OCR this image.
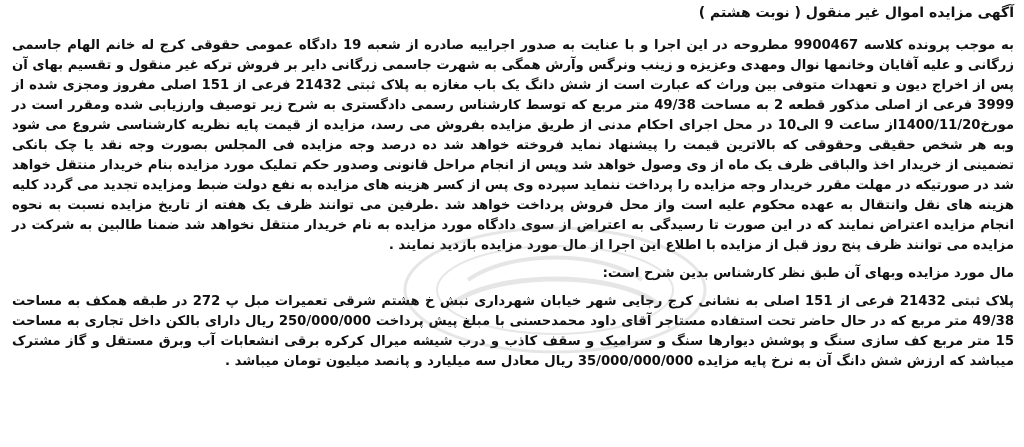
آگهی مزایده اموال غیر منقول ( نوبت هشتم )

به موجب پرونده کلاسه 9900467 مطروحه در این اجرا و با عنایت به صدور اجراییه صادره از شعبه 19 دادگاه عمومی حقوقی کرج له خانم الهام جاسمی زرگانی و علیه آقایان وخانمها نوال ومهدی وعزیزه و زینب ونرگس وآرش همگی به شهرت جاسمی زرگانی دایر بر فروش ترکه غیر منقول و تقسیم بهای آن پس از اخراج دیون و تعهدات متوفی بین وراث که عبارت است از شش دانگ یک باب مغازه به پلاک ثبتی 21432 فرعی از 151 اصلی مفروز ومجزی شده از 3999 فرعی از اصلی مذکور قطعه 2 به مساحت 49/38 متر مربع که توسط کارشناس رسمی دادگستری به شرح زیر توصیف وارزیابی شده ومقرر است در مورخ1400/11/20از ساعت 9 الی10 در محل اجرای احکام مدنی از طریق مزایده بفروش می رسد، مزایده از قیمت پایه نظریه کارشناسی شروع می شود وبه هر شخص حقیقی وحقوقی که بالاترین قیمت را پیشنهاد نماید فروخته خواهد شد ده درصد وجه مزایده فی المجلس بصورت وجه نقد یا چک بانکی تضمینی از خریدار اخذ والباقی ظرف یک ماه از وی وصول خواهد شد وپس از انجام مراحل قانونی وصدور حکم تملیک مورد مزایده بنام خریدار منتقل خواهد شد در صورتیکه در مهلت مقرر خریدار وجه مزایده را پرداخت ننماید سپرده وی پس از کسر هزینه های مزایده به نفع دولت ضبط ومزایده تجدید می گردد کلیه هزینه های نقل وانتقال به عهده محکوم علیه است واز محل فروش پرداخت خواهد شد .طرفین می توانند ظرف یک هفته از تاریخ مزایده نسبت به نحوه انجام مزایده اعتراض نمایند که در این صورت تا رسیدگی به اعتراض از سوی دادگاه مورد مزایده به نام خریدار منتقل نخواهد شد ضمنا طالبین به شرکت در مزایده می توانند ظرف پنج روز قبل از مزایده با اطلاع این اجرا از مال مورد مزایده بازدید نمایند .

مال مورد مزایده وبهای آن طبق نظر کارشناس بدین شرح است:

پلاک ثبتی 21432 فرعی از 151 اصلی به نشانی کرج رجایی شهر خیابان شهرداری نبش خ هشتم شرقی تعمیرات مبل پ 272 در طبقه همکف به مساحت 49/38 متر مربع که در حال حاضر تحت استفاده مستاجر آقای داود محمدحسنی با مبلغ پیش پرداخت 250/000/000 ریال دارای بالکن داخل تجاری به مساحت 15 متر مربع کف سازی سنگ و پوشش دیوارها سنگ و سرامیک و سقف کاذب و درب شیشه میرال کرکره برقی انشعابات آب وبرق مستقل و گاز مشترک میباشد که ارزش شش دانگ آن به نرخ پایه مزایده 35/000/000/000 ریال معادل سه میلیارد و پانصد میلیون تومان میباشد .
